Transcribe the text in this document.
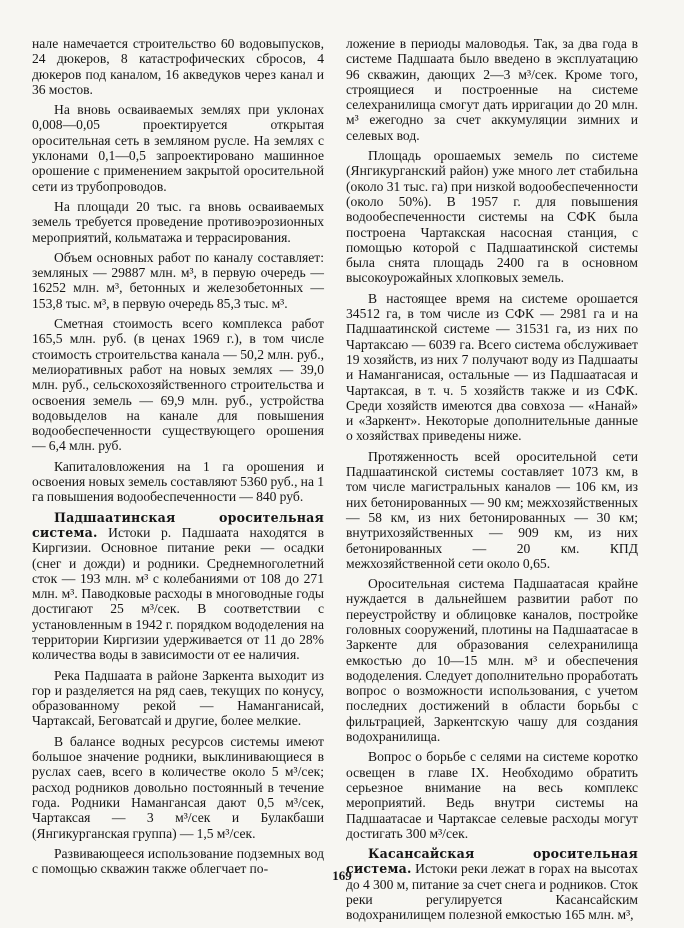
нале намечается строительство 60 водовыпусков, 24 дюкеров, 8 катастрофических сбросов, 4 дюкеров под каналом, 16 акведуков через канал и 36 мостов.

На вновь осваиваемых землях при уклонах 0,008—0,05 проектируется открытая оросительная сеть в земляном русле. На землях с уклонами 0,1—0,5 запроектировано машинное орошение с применением закрытой оросительной сети из трубопроводов.

На площади 20 тыс. га вновь осваиваемых земель требуется проведение противоэрозионных мероприятий, кольматажа и террасирования.

Объем основных работ по каналу составляет: земляных — 29887 млн. м³, в первую очередь — 16252 млн. м³, бетонных и железобетонных — 153,8 тыс. м³, в первую очередь 85,3 тыс. м³.

Сметная стоимость всего комплекса работ 165,5 млн. руб. (в ценах 1969 г.), в том числе стоимость строительства канала — 50,2 млн. руб., мелиоративных работ на новых землях — 39,0 млн. руб., сельскохозяйственного строительства и освоения земель — 69,9 млн. руб., устройства водовыделов на канале для повышения водообеспеченности существующего орошения — 6,4 млн. руб.

Капиталовложения на 1 га орошения и освоения новых земель составляют 5360 руб., на 1 га повышения водообеспеченности — 840 руб.

Падшаатинская оросительная система. Истоки р. Падшаата находятся в Киргизии. Основное питание реки — осадки (снег и дожди) и родники. Среднемноголетний сток — 193 млн. м³ с колебаниями от 108 до 271 млн. м³. Паводковые расходы в многоводные годы достигают 25 м³/сек. В соответствии с установленным в 1942 г. порядком вододеления на территории Киргизии удерживается от 11 до 28% количества воды в зависимости от ее наличия.

Река Падшаата в районе Заркента выходит из гор и разделяется на ряд саев, текущих по конусу, образованному рекой — Наманганисай, Чартаксай, Беговатсай и другие, более мелкие.

В балансе водных ресурсов системы имеют большое значение родники, выклинивающиеся в руслах саев, всего в количестве около 5 м³/сек; расход родников довольно постоянный в течение года. Родники Намангансая дают 0,5 м³/сек, Чартаксая — 3 м³/сек и Булакбаши (Янгикурганская группа) — 1,5 м³/сек.

Развивающееся использование подземных вод с помощью скважин также облегчает по-

ложение в периоды маловодья. Так, за два года в системе Падшаата было введено в эксплуатацию 96 скважин, дающих 2—3 м³/сек. Кроме того, строящиеся и построенные на системе селехранилища смогут дать ирригации до 20 млн. м³ ежегодно за счет аккумуляции зимних и селевых вод.

Площадь орошаемых земель по системе (Янгикурганский район) уже много лет стабильна (около 31 тыс. га) при низкой водообеспеченности (около 50%). В 1957 г. для повышения водообеспеченности системы на СФК была построена Чартакская насосная станция, с помощью которой с Падшаатинской системы была снята площадь 2400 га в основном высокоурожайных хлопковых земель.

В настоящее время на системе орошается 34512 га, в том числе из СФК — 2981 га и на Падшаатинской системе — 31531 га, из них по Чартаксаю — 6039 га. Всего система обслуживает 19 хозяйств, из них 7 получают воду из Падшааты и Наманганисая, остальные — из Падшаатасая и Чартаксая, в т. ч. 5 хозяйств также и из СФК. Среди хозяйств имеются два совхоза — «Нанай» и «Заркент». Некоторые дополнительные данные о хозяйствах приведены ниже.

Протяженность всей оросительной сети Падшаатинской системы составляет 1073 км, в том числе магистральных каналов — 106 км, из них бетонированных — 90 км; межхозяйственных — 58 км, из них бетонированных — 30 км; внутрихозяйственных — 909 км, из них бетонированных — 20 км. КПД межхозяйственной сети около 0,65.

Оросительная система Падшаатасая крайне нуждается в дальнейшем развитии работ по переустройству и облицовке каналов, постройке головных сооружений, плотины на Падшаатасае в Заркенте для образования селехранилища емкостью до 10—15 млн. м³ и обеспечения вододеления. Следует дополнительно проработать вопрос о возможности использования, с учетом последних достижений в области борьбы с фильтрацией, Заркентскую чашу для создания водохранилища.

Вопрос о борьбе с селями на системе коротко освещен в главе IX. Необходимо обратить серьезное внимание на весь комплекс мероприятий. Ведь внутри системы на Падшаатасае и Чартаксае селевые расходы могут достигать 300 м³/сек.

Касансайская оросительная система. Истоки реки лежат в горах на высотах до 4 300 м, питание за счет снега и родников. Сток реки регулируется Касансайским водохранилищем полезной емкостью 165 млн. м³,

169
